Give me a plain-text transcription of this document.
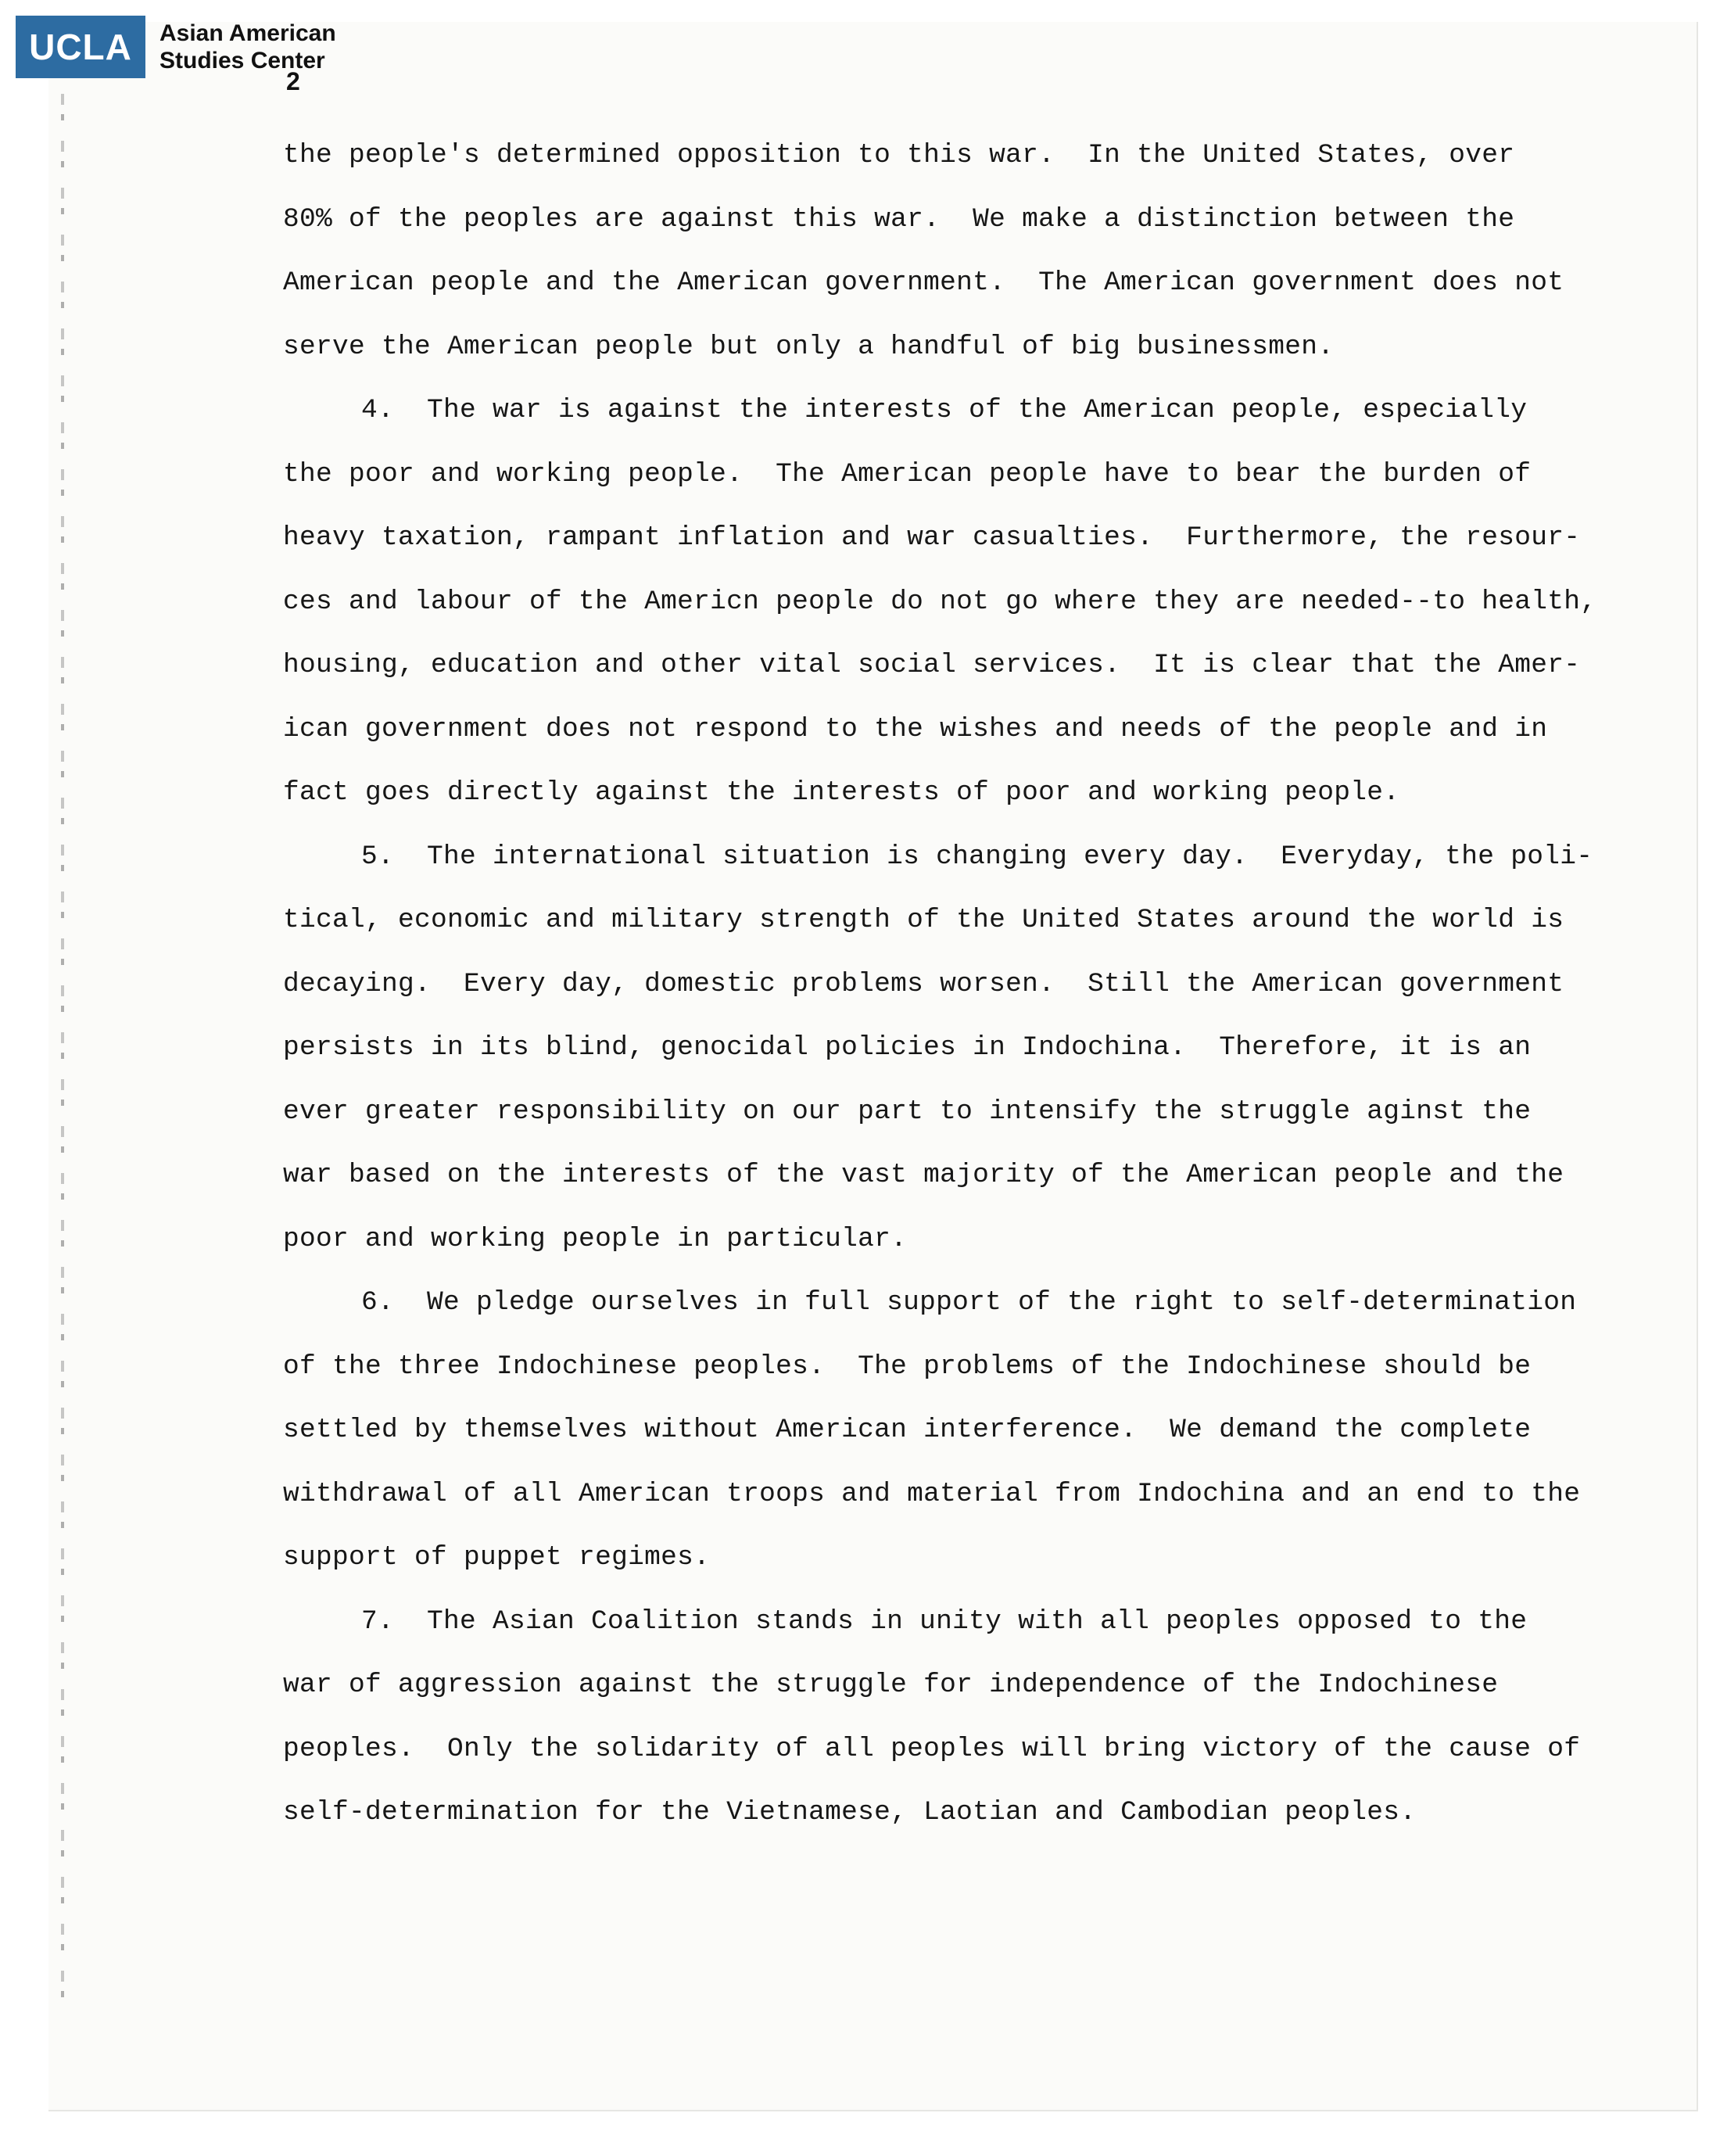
UCLA	Asian American
Studies Center
2
the people's determined opposition to this war.  In the United States, over
80% of the peoples are against this war.  We make a distinction between the
American people and the American government.  The American government does not
serve the American people but only a handful of big businessmen.
4.  The war is against the interests of the American people, especially
the poor and working people.  The American people have to bear the burden of
heavy taxation, rampant inflation and war casualties.  Furthermore, the resour-
ces and labour of the Americn people do not go where they are needed--to health,
housing, education and other vital social services.  It is clear that the Amer-
ican government does not respond to the wishes and needs of the people and in
fact goes directly against the interests of poor and working people.
5.  The international situation is changing every day.  Everyday, the poli-
tical, economic and military strength of the United States around the world is
decaying.  Every day, domestic problems worsen.  Still the American government
persists in its blind, genocidal policies in Indochina.  Therefore, it is an
ever greater responsibility on our part to intensify the struggle aginst the
war based on the interests of the vast majority of the American people and the
poor and working people in particular.
6.  We pledge ourselves in full support of the right to self-determination
of the three Indochinese peoples.  The problems of the Indochinese should be
settled by themselves without American interference.  We demand the complete
withdrawal of all American troops and material from Indochina and an end to the
support of puppet regimes.
7.  The Asian Coalition stands in unity with all peoples opposed to the
war of aggression against the struggle for independence of the Indochinese
peoples.  Only the solidarity of all peoples will bring victory of the cause of
self-determination for the Vietnamese, Laotian and Cambodian peoples.
